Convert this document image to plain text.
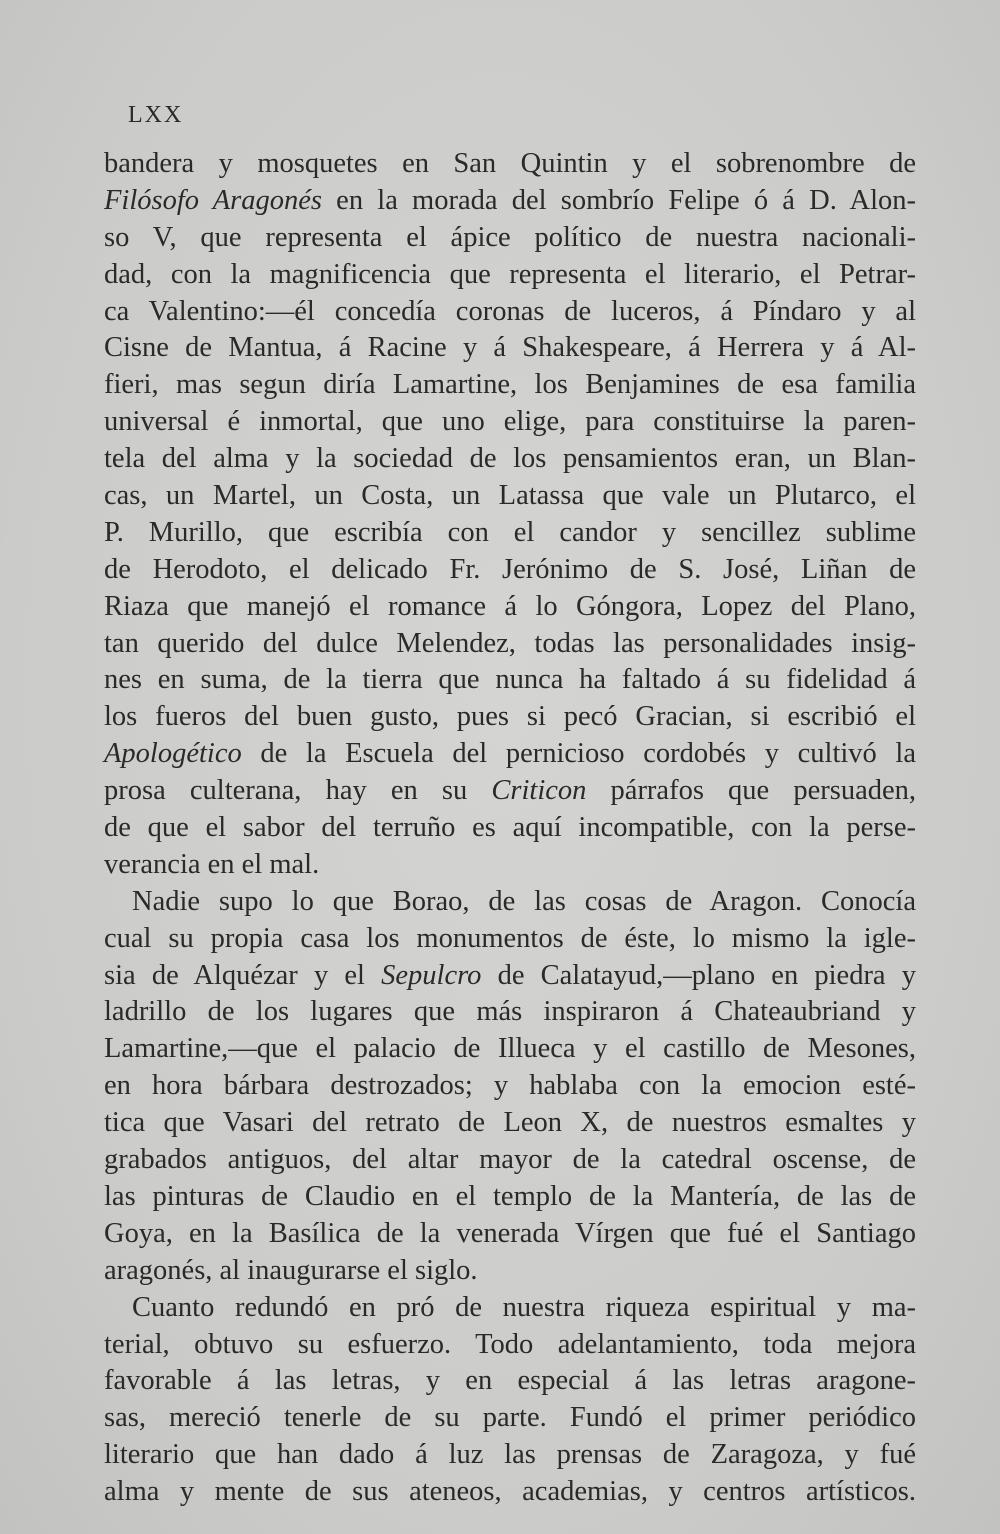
LXX
bandera y mosquetes en San Quintin y el sobrenombre de
Filósofo Aragonés en la morada del sombrío Felipe ó á D. Alon-
so V, que representa el ápice político de nuestra nacionali-
dad, con la magnificencia que representa el literario, el Petrar-
ca Valentino:—él concedía coronas de luceros, á Píndaro y al
Cisne de Mantua, á Racine y á Shakespeare, á Herrera y á Al-
fieri, mas segun diría Lamartine, los Benjamines de esa familia
universal é inmortal, que uno elige, para constituirse la paren-
tela del alma y la sociedad de los pensamientos eran, un Blan-
cas, un Martel, un Costa, un Latassa que vale un Plutarco, el
P. Murillo, que escribía con el candor y sencillez sublime
de Herodoto, el delicado Fr. Jerónimo de S. José, Liñan de
Riaza que manejó el romance á lo Góngora, Lopez del Plano,
tan querido del dulce Melendez, todas las personalidades insig-
nes en suma, de la tierra que nunca ha faltado á su fidelidad á
los fueros del buen gusto, pues si pecó Gracian, si escribió el
Apologético de la Escuela del pernicioso cordobés y cultivó la
prosa culterana, hay en su Criticon párrafos que persuaden,
de que el sabor del terruño es aquí incompatible, con la perse-
verancia en el mal.
Nadie supo lo que Borao, de las cosas de Aragon. Conocía
cual su propia casa los monumentos de éste, lo mismo la igle-
sia de Alquézar y el Sepulcro de Calatayud,—plano en piedra y
ladrillo de los lugares que más inspiraron á Chateaubriand y
Lamartine,—que el palacio de Illueca y el castillo de Mesones,
en hora bárbara destrozados; y hablaba con la emocion esté-
tica que Vasari del retrato de Leon X, de nuestros esmaltes y
grabados antiguos, del altar mayor de la catedral oscense, de
las pinturas de Claudio en el templo de la Mantería, de las de
Goya, en la Basílica de la venerada Vírgen que fué el Santiago
aragonés, al inaugurarse el siglo.
Cuanto redundó en pró de nuestra riqueza espiritual y ma-
terial, obtuvo su esfuerzo. Todo adelantamiento, toda mejora
favorable á las letras, y en especial á las letras aragone-
sas, mereció tenerle de su parte. Fundó el primer periódico
literario que han dado á luz las prensas de Zaragoza, y fué
alma y mente de sus ateneos, academias, y centros artísticos.
